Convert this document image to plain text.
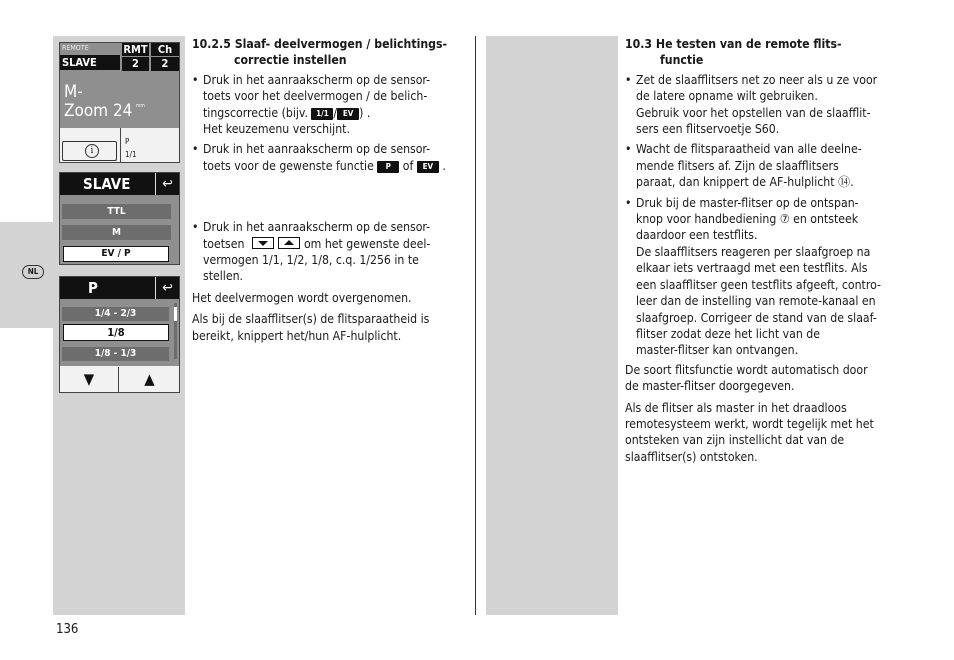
NL
136
REMOTE
SLAVE
RMT Ch
2	2
M-
Zoom 24 mm
i
P
1/1
SLAVE	↩
TTL
M
EV / P
P	↩
1/4 - 2/3
1/8
1/8 - 1/3
▼	▲
10.2.5 Slaaf- deelvermogen / belichtings-
correctie instellen
• Druk in het aanraakscherm op de sensor-
toets voor het deelvermogen / de belich-
tingscorrectie (bijv. 1/1 / EV ) .
Het keuzemenu verschijnt.
• Druk in het aanraakscherm op de sensor-
toets voor de gewenste functie P of EV .
• Druk in het aanraakscherm op de sensor-
toetsen	om het gewenste deel-
vermogen 1/1, 1/2, 1/8, c.q. 1/256 in te
stellen.
Het deelvermogen wordt overgenomen.
Als bij de slaafflitser(s) de flitsparaatheid is
bereikt, knippert het/hun AF-hulplicht.
10.3 He testen van de remote flits-
functie
• Zet de slaafflitsers net zo neer als u ze voor
de latere opname wilt gebruiken.
Gebruik voor het opstellen van de slaafflit-
sers een flitservoetje S60.
• Wacht de flitsparaatheid van alle deelne-
mende flitsers af. Zijn de slaafflitsers
paraat, dan knippert de AF-hulplicht ⑭.
• Druk bij de master-flitser op de ontspan-
knop voor handbediening ⑦ en ontsteek
daardoor een testflits.
De slaafflitsers reageren per slaafgroep na
elkaar iets vertraagd met een testflits. Als
een slaafflitser geen testflits afgeeft, contro-
leer dan de instelling van remote-kanaal en
slaafgroep. Corrigeer de stand van de slaaf-
flitser zodat deze het licht van de
master-flitser kan ontvangen.
De soort flitsfunctie wordt automatisch door
de master-flitser doorgegeven.
Als de flitser als master in het draadloos
remotesysteem werkt, wordt tegelijk met het
ontsteken van zijn instellicht dat van de
slaafflitser(s) ontstoken.
